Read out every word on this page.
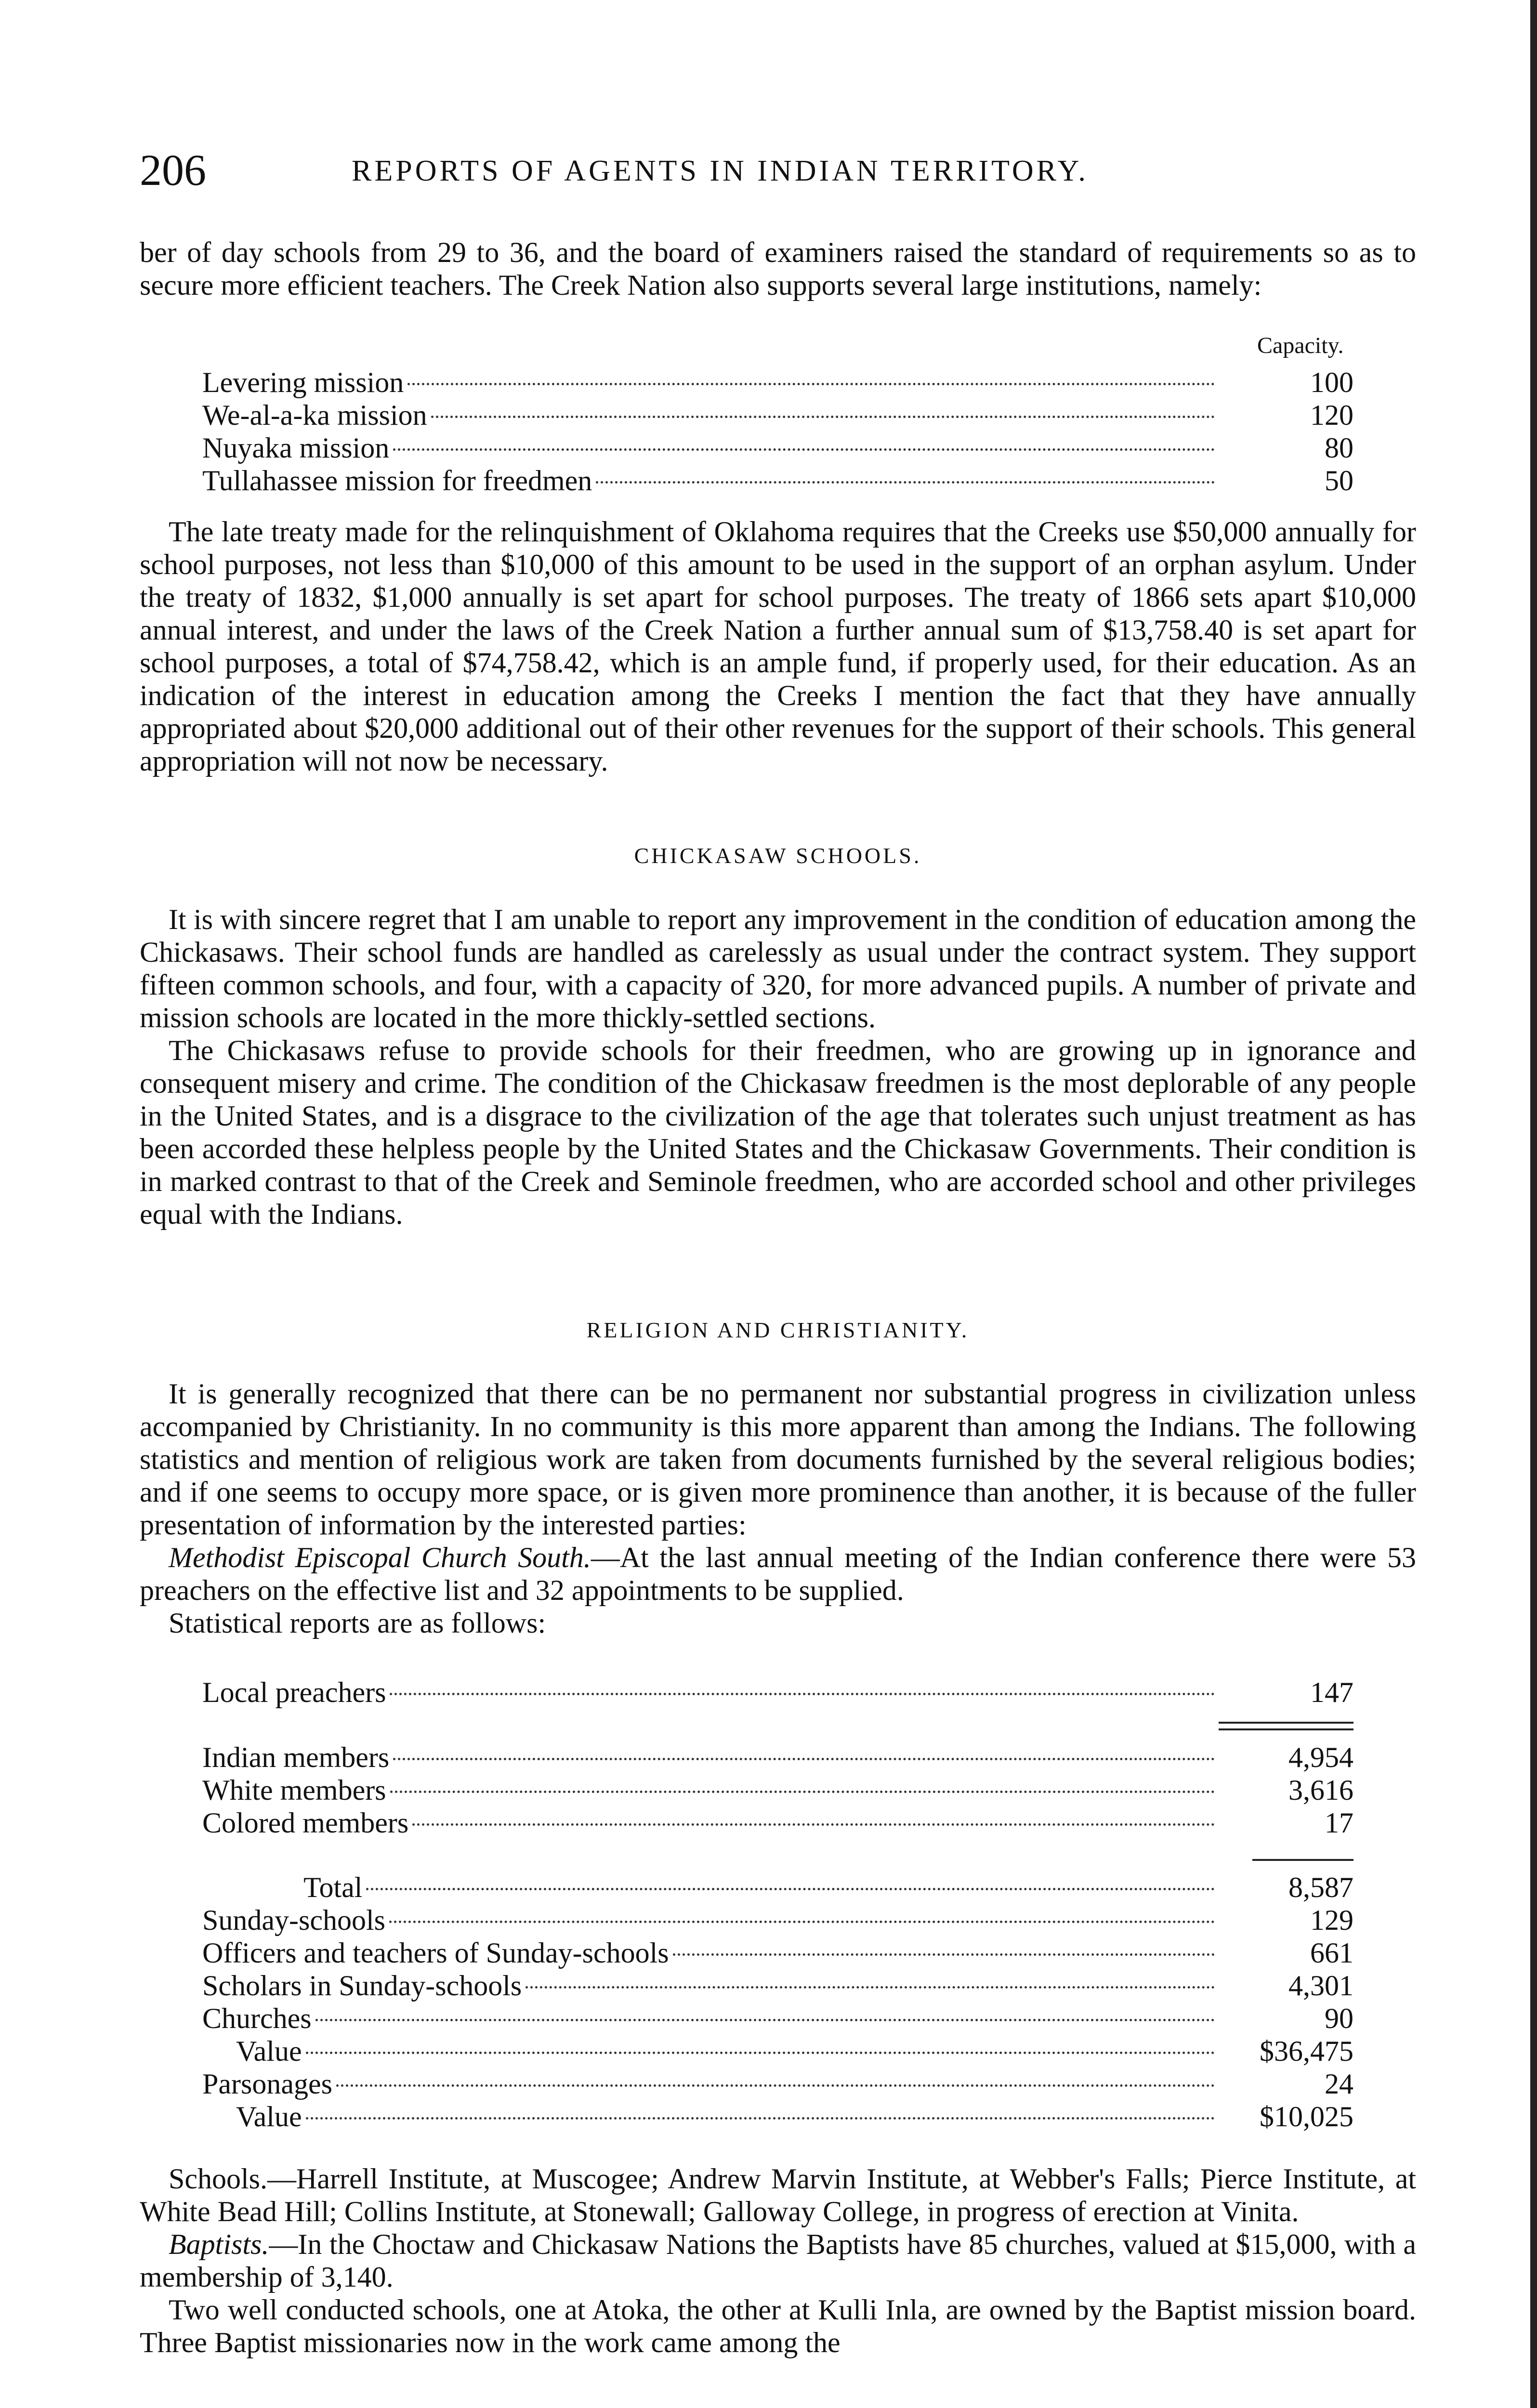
206	REPORTS OF AGENTS IN INDIAN TERRITORY.

ber of day schools from 29 to 36, and the board of examiners raised the standard of requirements so as to secure more efficient teachers. The Creek Nation also supports several large institutions, namely:

Capacity.
Levering mission	100
We-al-a-ka mission	120
Nuyaka mission	80
Tullahassee mission for freedmen	50

The late treaty made for the relinquishment of Oklahoma requires that the Creeks use $50,000 annually for school purposes, not less than $10,000 of this amount to be used in the support of an orphan asylum. Under the treaty of 1832, $1,000 annually is set apart for school purposes. The treaty of 1866 sets apart $10,000 annual interest, and under the laws of the Creek Nation a further annual sum of $13,758.40 is set apart for school purposes, a total of $74,758.42, which is an ample fund, if properly used, for their education. As an indication of the interest in education among the Creeks I mention the fact that they have annually appropriated about $20,000 additional out of their other revenues for the support of their schools. This general appropriation will not now be necessary.

CHICKASAW SCHOOLS.

It is with sincere regret that I am unable to report any improvement in the condition of education among the Chickasaws. Their school funds are handled as carelessly as usual under the contract system. They support fifteen common schools, and four, with a capacity of 320, for more advanced pupils. A number of private and mission schools are located in the more thickly-settled sections.

The Chickasaws refuse to provide schools for their freedmen, who are growing up in ignorance and consequent misery and crime. The condition of the Chickasaw freedmen is the most deplorable of any people in the United States, and is a disgrace to the civilization of the age that tolerates such unjust treatment as has been accorded these helpless people by the United States and the Chickasaw Governments. Their condition is in marked contrast to that of the Creek and Seminole freedmen, who are accorded school and other privileges equal with the Indians.

RELIGION AND CHRISTIANITY.

It is generally recognized that there can be no permanent nor substantial progress in civilization unless accompanied by Christianity. In no community is this more apparent than among the Indians. The following statistics and mention of religious work are taken from documents furnished by the several religious bodies; and if one seems to occupy more space, or is given more prominence than another, it is because of the fuller presentation of information by the interested parties:

Methodist Episcopal Church South.—At the last annual meeting of the Indian conference there were 53 preachers on the effective list and 32 appointments to be supplied.

Statistical reports are as follows:

Local preachers	147
Indian members	4,954
White members	3,616
Colored members	17
Total	8,587
Sunday-schools	129
Officers and teachers of Sunday-schools	661
Scholars in Sunday-schools	4,301
Churches	90
Value	$36,475
Parsonages	24
Value	$10,025

Schools.—Harrell Institute, at Muscogee; Andrew Marvin Institute, at Webber's Falls; Pierce Institute, at White Bead Hill; Collins Institute, at Stonewall; Galloway College, in progress of erection at Vinita.

Baptists.—In the Choctaw and Chickasaw Nations the Baptists have 85 churches, valued at $15,000, with a membership of 3,140.

Two well conducted schools, one at Atoka, the other at Kulli Inla, are owned by the Baptist mission board. Three Baptist missionaries now in the work came among the
